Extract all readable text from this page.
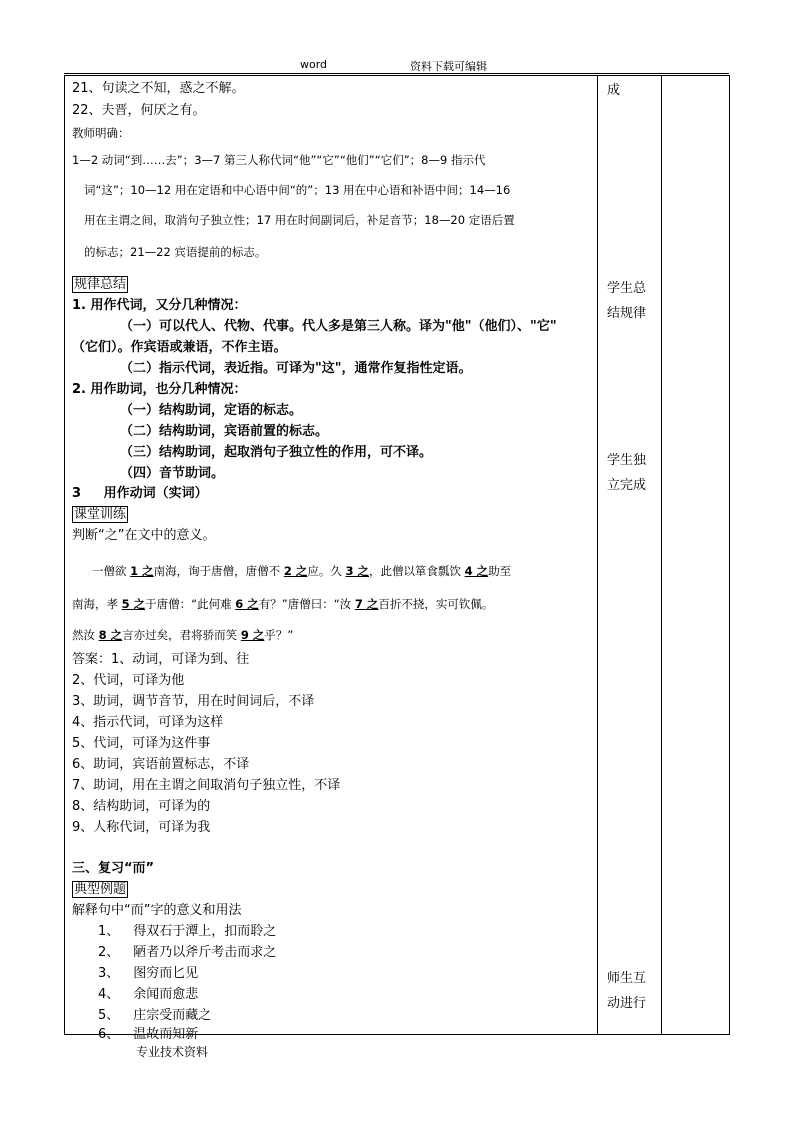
word	资料下载可编辑
21、句读之不知，惑之不解。
22、夫晋，何厌之有。
教师明确：
1—2 动词“到……去”；3—7 第三人称代词“他”“它”“他们”“它们”；8—9 指示代
词“这”；10—12 用在定语和中心语中间“的”；13 用在中心语和补语中间；14—16
用在主谓之间，取消句子独立性；17 用在时间副词后，补足音节；18—20 定语后置
的标志；21—22 宾语提前的标志。
规律总结
1. 用作代词，又分几种情况：
（一）可以代人、代物、代事。代人多是第三人称。译为"他"（他们）、"它"
（它们）。作宾语或兼语，不作主语。
（二）指示代词，表近指。可译为"这"，通常作复指性定语。
2. 用作助词，也分几种情况：
（一）结构助词，定语的标志。
（二）结构助词，宾语前置的标志。
（三）结构助词，起取消句子独立性的作用，可不译。
（四）音节助词。
3 用作动词（实词）
课堂训练
判断“之”在文中的意义。
一僧欲 1 之南海，询于唐僧，唐僧不 2 之应。久 3 之，此僧以箪食瓢饮 4 之助至
南海，孝 5 之于唐僧：“此何难 6 之有？”唐僧曰：“汝 7 之百折不挠，实可钦佩。
然汝 8 之言亦过矣，君将骄而笑 9 之乎？”
答案：1、动词，可译为到、往
2、代词，可译为他
3、助词，调节音节，用在时间词后，不译
4、指示代词，可译为这样
5、代词，可译为这件事
6、助词，宾语前置标志，不译
7、助词，用在主谓之间取消句子独立性，不译
8、结构助词，可译为的
9、人称代词，可译为我
三、复习“而”
典型例题
解释句中“而”字的意义和用法
1、 得双石于潭上，扣而聆之
2、 陋者乃以斧斤考击而求之
3、 图穷而匕见
4、 余闻而愈悲
5、 庄宗受而藏之
6、 温故而知新
成
学生总
结规律
学生独
立完成
师生互
动进行
专业技术资料
